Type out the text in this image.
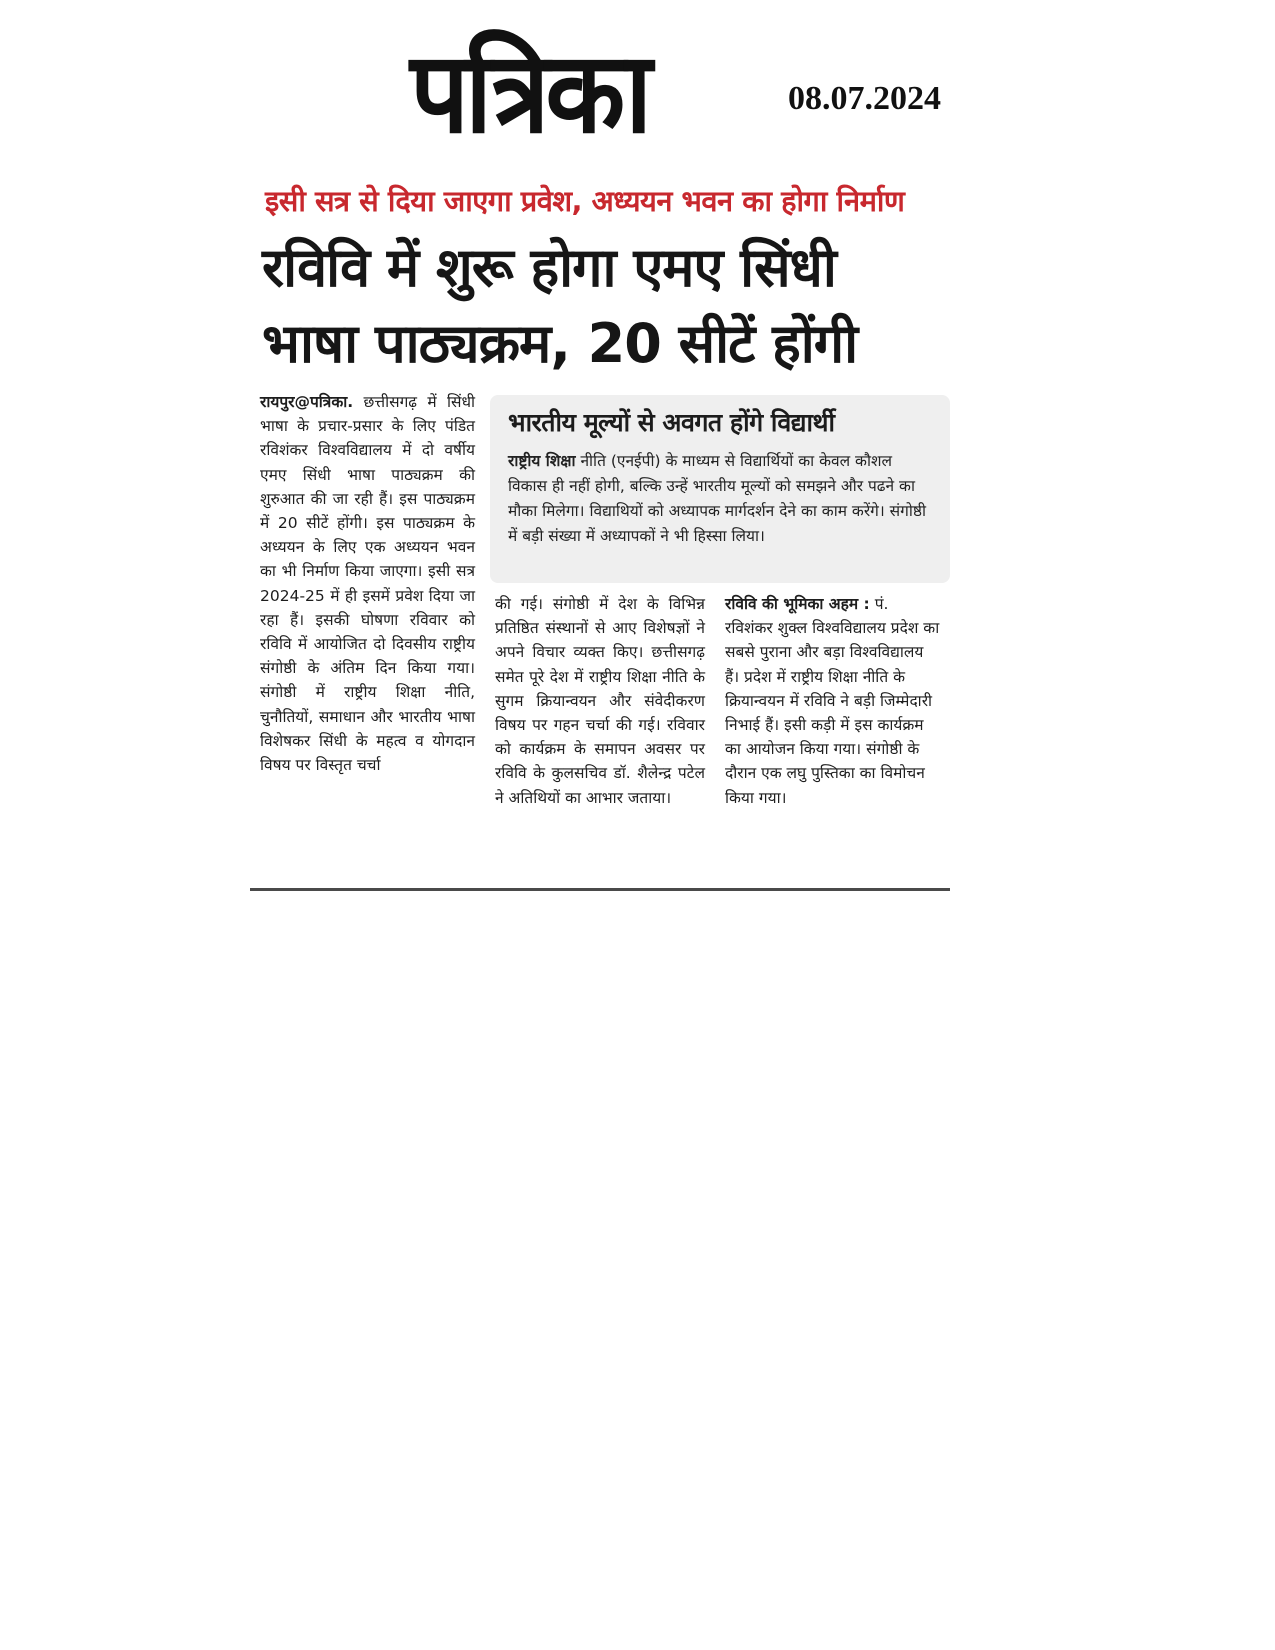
पत्रिका	08.07.2024
इसी सत्र से दिया जाएगा प्रवेश, अध्ययन भवन का होगा निर्माण
रविवि में शुरू होगा एमए सिंधी भाषा पाठ्यक्रम, 20 सीटें होंगी
रायपुर@पत्रिका. छत्तीसगढ़ में सिंधी भाषा के प्रचार-प्रसार के लिए पंडित रविशंकर विश्वविद्यालय में दो वर्षीय एमए सिंधी भाषा पाठ्यक्रम की शुरुआत की जा रही हैं। इस पाठ्यक्रम में 20 सीटें होंगी। इस पाठ्यक्रम के अध्ययन के लिए एक अध्ययन भवन का भी निर्माण किया जाएगा। इसी सत्र 2024-25 में ही इसमें प्रवेश दिया जा रहा हैं। इसकी घोषणा रविवार को रविवि में आयोजित दो दिवसीय राष्ट्रीय संगोष्ठी के अंतिम दिन किया गया। संगोष्ठी में राष्ट्रीय शिक्षा नीति, चुनौतियों, समाधान और भारतीय भाषा विशेषकर सिंधी के महत्व व योगदान विषय पर विस्तृत चर्चा
भारतीय मूल्यों से अवगत होंगे विद्यार्थी
राष्ट्रीय शिक्षा नीति (एनईपी) के माध्यम से विद्यार्थियों का केवल कौशल विकास ही नहीं होगी, बल्कि उन्हें भारतीय मूल्यों को समझने और पढने का मौका मिलेगा। विद्याथियों को अध्यापक मार्गदर्शन देने का काम करेंगे। संगोष्ठी में बड़ी संख्या में अध्यापकों ने भी हिस्सा लिया।
की गई। संगोष्ठी में देश के विभिन्न प्रतिष्ठित संस्थानों से आए विशेषज्ञों ने अपने विचार व्यक्त किए। छत्तीसगढ़ समेत पूरे देश में राष्ट्रीय शिक्षा नीति के सुगम क्रियान्वयन और संवेदीकरण विषय पर गहन चर्चा की गई। रविवार को कार्यक्रम के समापन अवसर पर रविवि के कुलसचिव डॉ. शैलेन्द्र पटेल ने अतिथियों का आभार जताया।
रविवि की भूमिका अहम : पं. रविशंकर शुक्ल विश्वविद्यालय प्रदेश का सबसे पुराना और बड़ा विश्वविद्यालय हैं। प्रदेश में राष्ट्रीय शिक्षा नीति के क्रियान्वयन में रविवि ने बड़ी जिम्मेदारी निभाई हैं। इसी कड़ी में इस कार्यक्रम का आयोजन किया गया। संगोष्ठी के दौरान एक लघु पुस्तिका का विमोचन किया गया।
